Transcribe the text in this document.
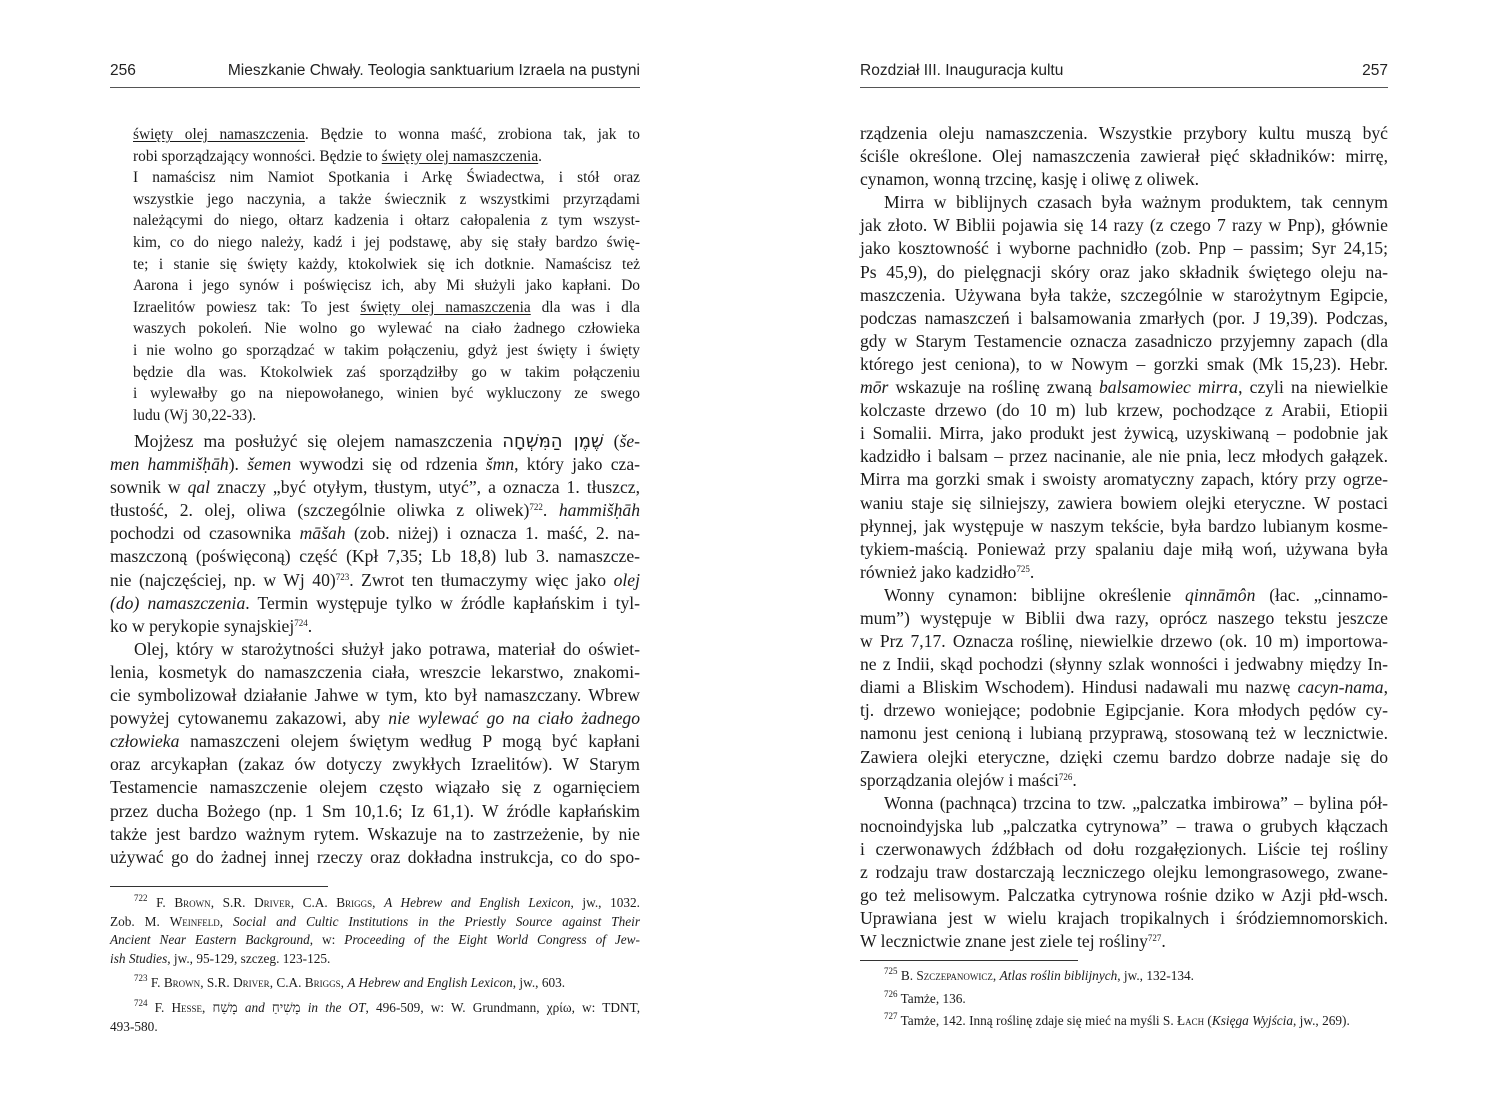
256	Mieszkanie Chwały. Teologia sanktuarium Izraela na pustyni
święty olej namaszczenia. Będzie to wonna maść, zrobiona tak, jak to
robi sporządzający wonności. Będzie to święty olej namaszczenia.
I namaścisz nim Namiot Spotkania i Arkę Świadectwa, i stół oraz
wszystkie jego naczynia, a także świecznik z wszystkimi przyrządami
należącymi do niego, ołtarz kadzenia i ołtarz całopalenia z tym wszyst-
kim, co do niego należy, kadź i jej podstawę, aby się stały bardzo świę-
te; i stanie się święty każdy, ktokolwiek się ich dotknie. Namaścisz też
Aarona i jego synów i poświęcisz ich, aby Mi służyli jako kapłani. Do
Izraelitów powiesz tak: To jest święty olej namaszczenia dla was i dla
waszych pokoleń. Nie wolno go wylewać na ciało żadnego człowieka
i nie wolno go sporządzać w takim połączeniu, gdyż jest święty i święty
będzie dla was. Ktokolwiek zaś sporządziłby go w takim połączeniu
i wylewałby go na niepowołanego, winien być wykluczony ze swego
ludu (Wj 30,22-33).
Mojżesz ma posłużyć się olejem namaszczenia שֶׁמֶן הַמִּשְׁחָה (še-
men hammišḥāh). šemen wywodzi się od rdzenia šmn, który jako cza-
sownik w qal znaczy „być otyłym, tłustym, utyć”, a oznacza 1. tłuszcz,
tłustość, 2. olej, oliwa (szczególnie oliwka z oliwek)$^{722}$. hammišḥāh
pochodzi od czasownika māšah (zob. niżej) i oznacza 1. maść, 2. na-
maszczoną (poświęconą) część (Kpł 7,35; Lb 18,8) lub 3. namaszcze-
nie (najczęściej, np. w Wj 40)$^{723}$. Zwrot ten tłumaczymy więc jako olej
(do) namaszczenia. Termin występuje tylko w źródle kapłańskim i tyl-
ko w perykopie synajskiej$^{724}$.
Olej, który w starożytności służył jako potrawa, materiał do oświet-
lenia, kosmetyk do namaszczenia ciała, wreszcie lekarstwo, znakomi-
cie symbolizował działanie Jahwe w tym, kto był namaszczany. Wbrew
powyżej cytowanemu zakazowi, aby nie wylewać go na ciało żadnego
człowieka namaszczeni olejem świętym według P mogą być kapłani
oraz arcykapłan (zakaz ów dotyczy zwykłych Izraelitów). W Starym
Testamencie namaszczenie olejem często wiązało się z ogarnięciem
przez ducha Bożego (np. 1 Sm 10,1.6; Iz 61,1). W źródle kapłańskim
także jest bardzo ważnym rytem. Wskazuje na to zastrzeżenie, by nie
używać go do żadnej innej rzeczy oraz dokładna instrukcja, co do spo-
$^{722}$ F. Brown, S.R. Driver, C.A. Briggs, A Hebrew and English Lexicon, jw., 1032.
Zob. M. Weinfeld, Social and Cultic Institutions in the Priestly Source against Their
Ancient Near Eastern Background, w: Proceeding of the Eight World Congress of Jew-
ish Studies, jw., 95-129, szczeg. 123-125.
$^{723}$ F. Brown, S.R. Driver, C.A. Briggs, A Hebrew and English Lexicon, jw., 603.
$^{724}$ F. Hesse, מָשַׁח and מָשִׁיחַ in the OT, 496-509, w: W. Grundmann, χρίω, w: TDNT,
493-580.
Rozdział III. Inauguracja kultu	257
rządzenia oleju namaszczenia. Wszystkie przybory kultu muszą być
ściśle określone. Olej namaszczenia zawierał pięć składników: mirrę,
cynamon, wonną trzcinę, kasję i oliwę z oliwek.
Mirra w biblijnych czasach była ważnym produktem, tak cennym
jak złoto. W Biblii pojawia się 14 razy (z czego 7 razy w Pnp), głównie
jako kosztowność i wyborne pachnidło (zob. Pnp – passim; Syr 24,15;
Ps 45,9), do pielęgnacji skóry oraz jako składnik świętego oleju na-
maszczenia. Używana była także, szczególnie w starożytnym Egipcie,
podczas namaszczeń i balsamowania zmarłych (por. J 19,39). Podczas,
gdy w Starym Testamencie oznacza zasadniczo przyjemny zapach (dla
którego jest ceniona), to w Nowym – gorzki smak (Mk 15,23). Hebr.
mōr wskazuje na roślinę zwaną balsamowiec mirra, czyli na niewielkie
kolczaste drzewo (do 10 m) lub krzew, pochodzące z Arabii, Etiopii
i Somalii. Mirra, jako produkt jest żywicą, uzyskiwaną – podobnie jak
kadzidło i balsam – przez nacinanie, ale nie pnia, lecz młodych gałązek.
Mirra ma gorzki smak i swoisty aromatyczny zapach, który przy ogrze-
waniu staje się silniejszy, zawiera bowiem olejki eteryczne. W postaci
płynnej, jak występuje w naszym tekście, była bardzo lubianym kosme-
tykiem-maścią. Ponieważ przy spalaniu daje miłą woń, używana była
również jako kadzidło$^{725}$.
Wonny cynamon: biblijne określenie qinnāmôn (łac. „cinnamo-
mum”) występuje w Biblii dwa razy, oprócz naszego tekstu jeszcze
w Prz 7,17. Oznacza roślinę, niewielkie drzewo (ok. 10 m) importowa-
ne z Indii, skąd pochodzi (słynny szlak wonności i jedwabny między In-
diami a Bliskim Wschodem). Hindusi nadawali mu nazwę cacyn-nama,
tj. drzewo woniejące; podobnie Egipcjanie. Kora młodych pędów cy-
namonu jest cenioną i lubianą przyprawą, stosowaną też w lecznictwie.
Zawiera olejki eteryczne, dzięki czemu bardzo dobrze nadaje się do
sporządzania olejów i maści$^{726}$.
Wonna (pachnąca) trzcina to tzw. „palczatka imbirowa” – bylina pół-
nocnoindyjska lub „palczatka cytrynowa” – trawa o grubych kłączach
i czerwonawych źdźbłach od dołu rozgałęzionych. Liście tej rośliny
z rodzaju traw dostarczają leczniczego olejku lemongrasowego, zwane-
go też melisowym. Palczatka cytrynowa rośnie dziko w Azji płd-wsch.
Uprawiana jest w wielu krajach tropikalnych i śródziemnomorskich.
W lecznictwie znane jest ziele tej rośliny$^{727}$.
$^{725}$ B. Szczepanowicz, Atlas roślin biblijnych, jw., 132-134.
$^{726}$ Tamże, 136.
$^{727}$ Tamże, 142. Inną roślinę zdaje się mieć na myśli S. Łach (Księga Wyjścia, jw., 269).
